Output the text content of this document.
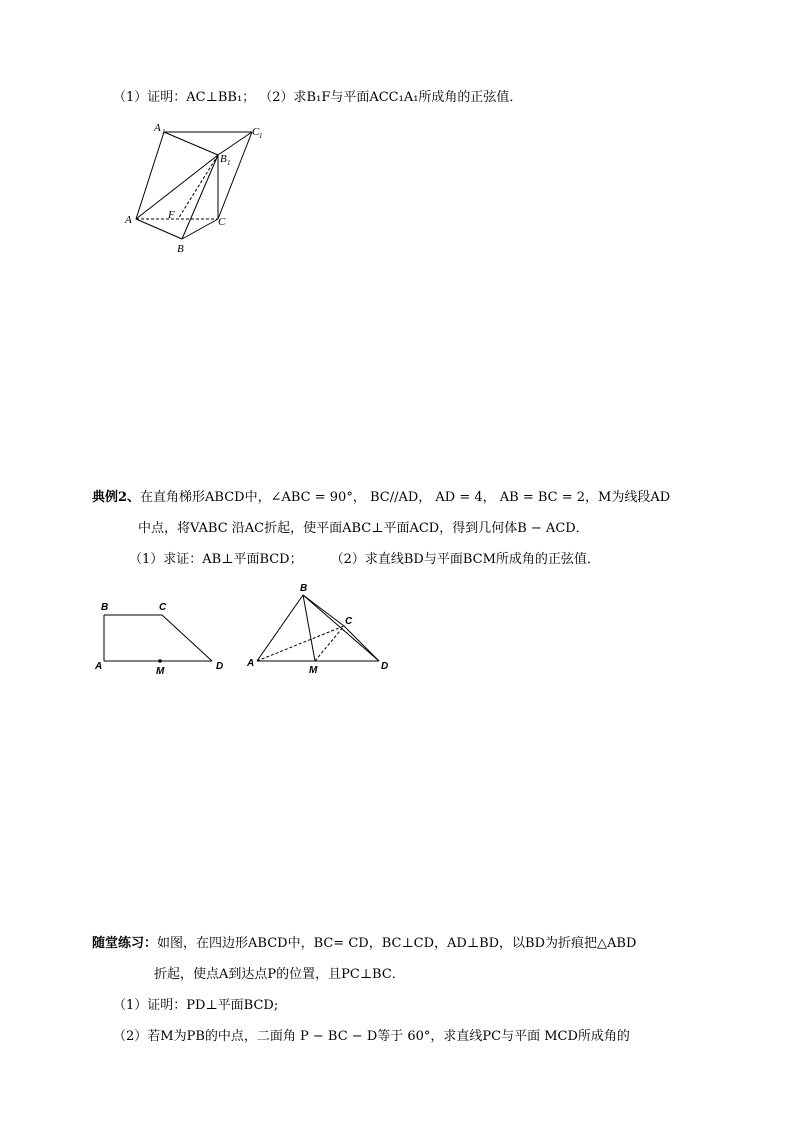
（1）证明：AC⊥BB₁； （2）求B₁F与平面ACC₁A₁所成角的正弦值．
A 1	C 1
B 1
A	F
C
B
典例2、在直角梯形ABCD中，∠ABC = 90°， BC//AD， AD = 4， AB = BC = 2，M为线段AD
中点，将VABC 沿AC折起，使平面ABC⊥平面ACD，得到几何体B − ACD．
（1）求证：AB⊥平面BCD； （2）求直线BD与平面BCM所成角的正弦值．
B	C
A	M	D
B
C
A
M	D
随堂练习：如图，在四边形ABCD中，BC= CD，BC⊥CD，AD⊥BD，以BD为折痕把△ABD
折起，使点A到达点P的位置，且PC⊥BC．
（1）证明：PD⊥平面BCD;
（2）若M为PB的中点，二面角 P − BC − D等于 60°，求直线PC与平面 MCD所成角的
